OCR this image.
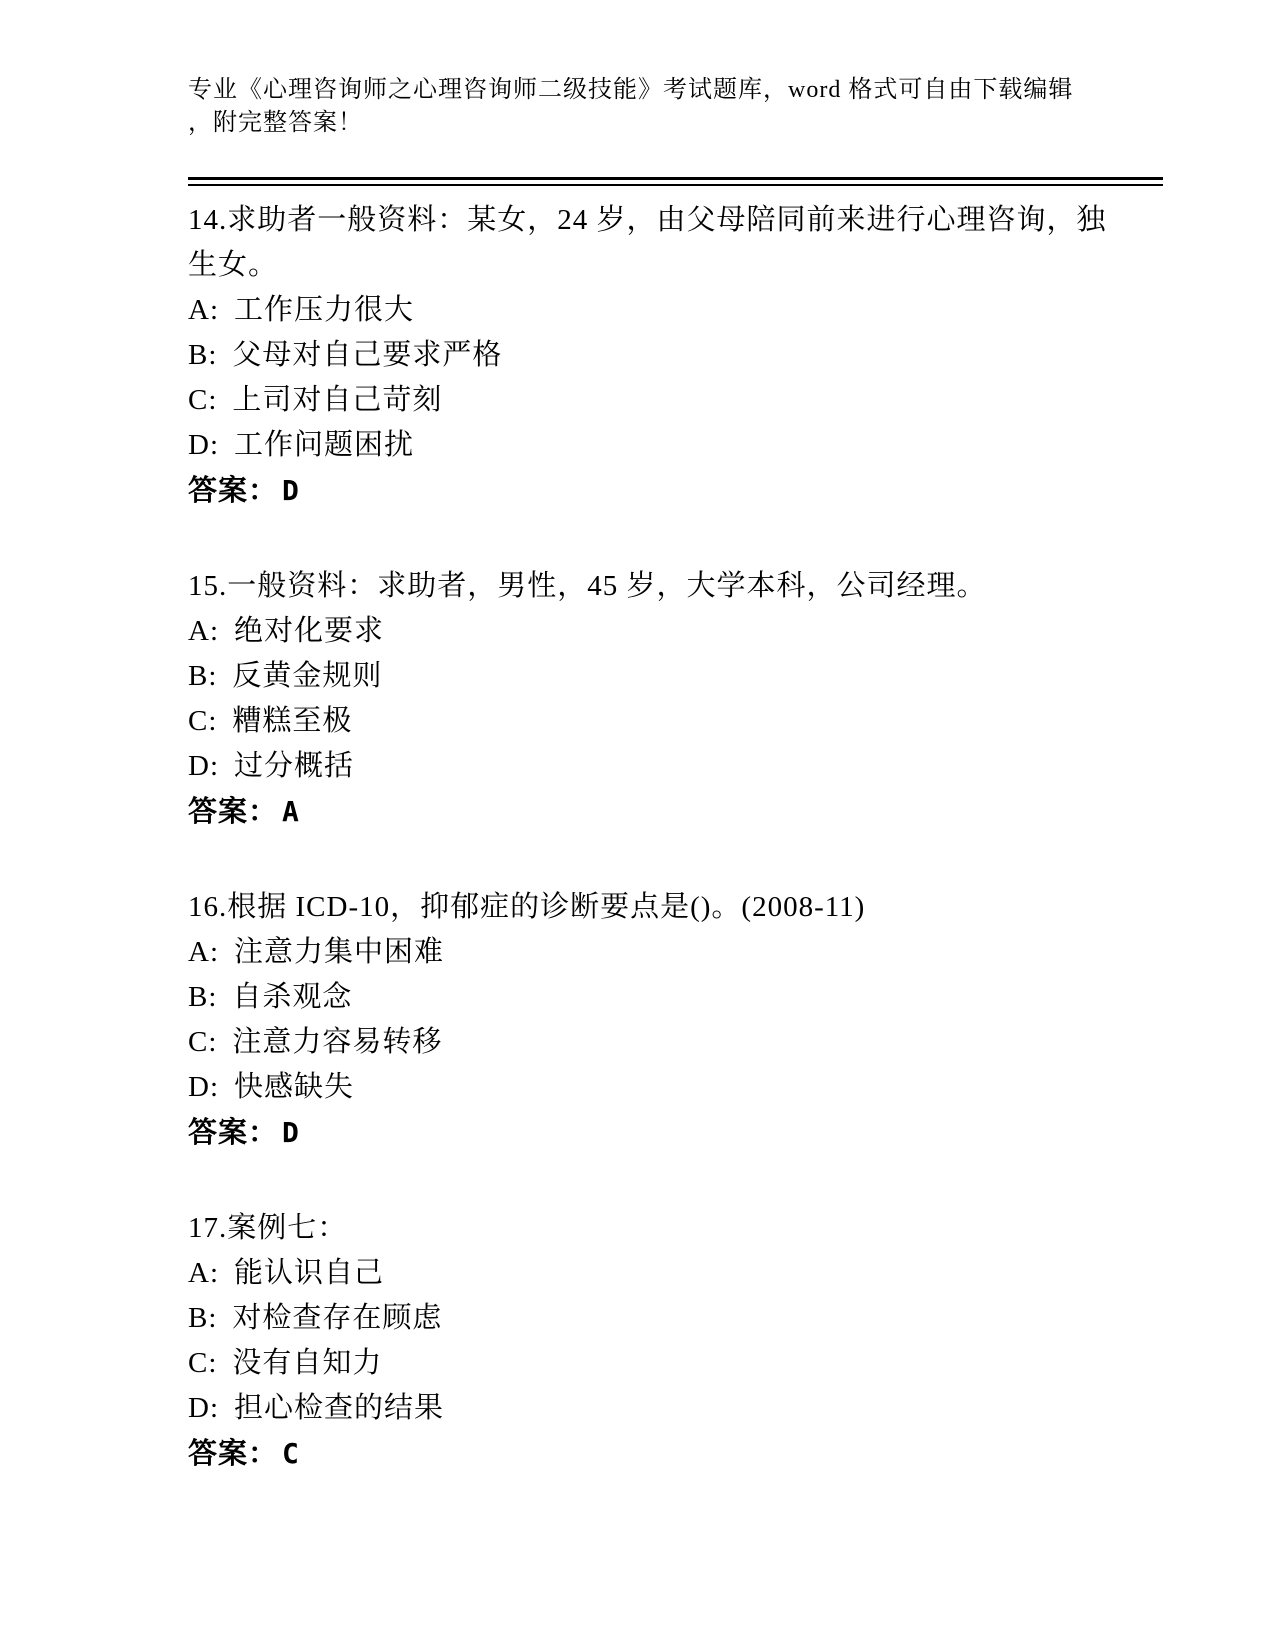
专业《心理咨询师之心理咨询师二级技能》考试题库，word 格式可自由下载编辑
，附完整答案！
14.求助者一般资料：某女，24 岁，由父母陪同前来进行心理咨询，独
生女。
A: 工作压力很大
B: 父母对自己要求严格
C: 上司对自己苛刻
D: 工作问题困扰
答案： D
15.一般资料：求助者，男性，45 岁，大学本科，公司经理。
A: 绝对化要求
B: 反黄金规则
C: 糟糕至极
D: 过分概括
答案： A
16.根据 ICD-10，抑郁症的诊断要点是()。(2008-11)
A: 注意力集中困难
B: 自杀观念
C: 注意力容易转移
D: 快感缺失
答案： D
17.案例七：
A: 能认识自己
B: 对检查存在顾虑
C: 没有自知力
D: 担心检查的结果
答案： C
